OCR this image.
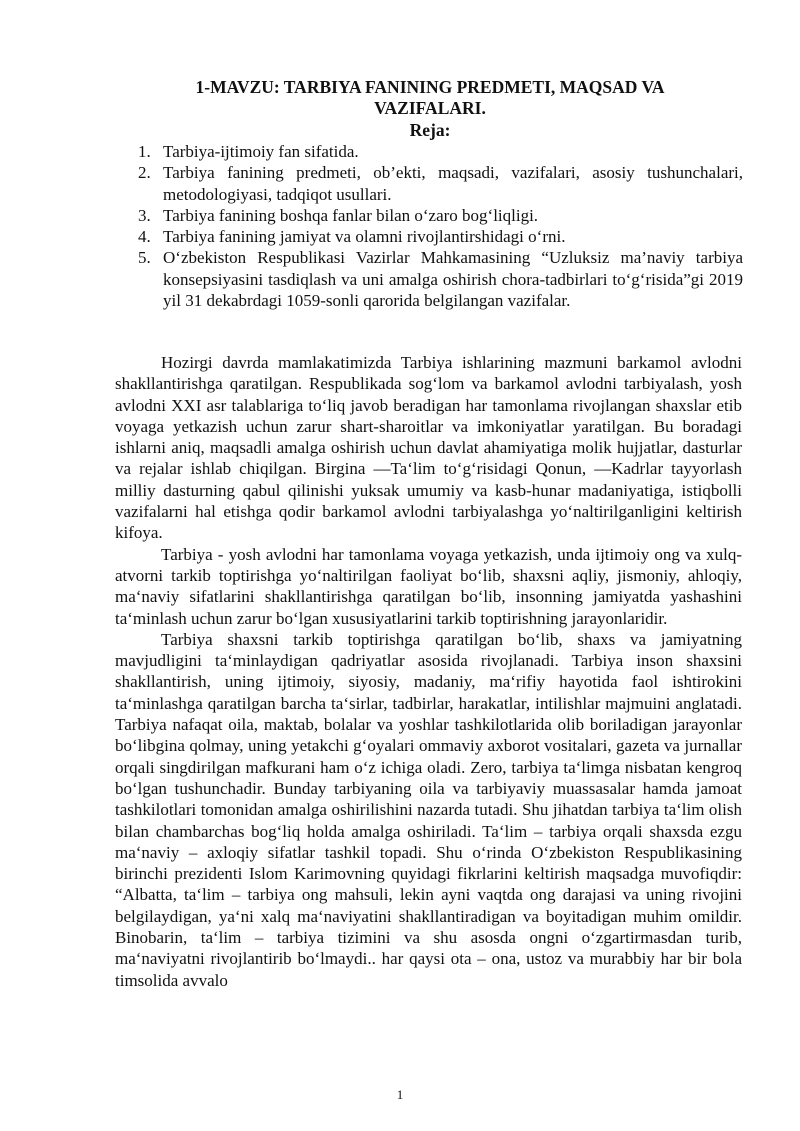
1-MAVZU: TARBIYA FANINING PREDMETI, MAQSAD VA VAZIFALARI.
Reja:
1. Tarbiya-ijtimoiy fan sifatida.
2. Tarbiya fanining predmeti, ob’ekti, maqsadi, vazifalari, asosiy tushunchalari, metodologiyasi, tadqiqot usullari.
3. Tarbiya fanining boshqa fanlar bilan o‘zaro bog‘liqligi.
4. Tarbiya fanining jamiyat va olamni rivojlantirshidagi o‘rni.
5. O‘zbekiston Respublikasi Vazirlar Mahkamasining “Uzluksiz ma’naviy tarbiya konsepsiyasini tasdiqlash va uni amalga oshirish chora-tadbirlari to‘g‘risida”gi 2019 yil 31 dekabrdagi 1059-sonli qarorida belgilangan vazifalar.

Hozirgi davrda mamlakatimizda Tarbiya ishlarining mazmuni barkamol avlodni shakllantirishga qaratilgan. Respublikada sog‘lom va barkamol avlodni tarbiyalash, yosh avlodni XXI asr talablariga to‘liq javob beradigan har tamonlama rivojlangan shaxslar etib voyaga yetkazish uchun zarur shart-sharoitlar va imkoniyatlar yaratilgan. Bu boradagi ishlarni aniq, maqsadli amalga oshirish uchun davlat ahamiyatiga molik hujjatlar, dasturlar va rejalar ishlab chiqilgan. Birgina ―Ta‘lim to‘g‘risidagi Qonun, ―Kadrlar tayyorlash milliy dasturning qabul qilinishi yuksak umumiy va kasb-hunar madaniyatiga, istiqbolli vazifalarni hal etishga qodir barkamol avlodni tarbiyalashga yo‘naltirilganligini keltirish kifoya.

Tarbiya - yosh avlodni har tamonlama voyaga yetkazish, unda ijtimoiy ong va xulq-atvorni tarkib toptirishga yo‘naltirilgan faoliyat bo‘lib, shaxsni aqliy, jismoniy, ahloqiy, ma‘naviy sifatlarini shakllantirishga qaratilgan bo‘lib, insonning jamiyatda yashashini ta‘minlash uchun zarur bo‘lgan xususiyatlarini tarkib toptirishning jarayonlaridir.

Tarbiya shaxsni tarkib toptirishga qaratilgan bo‘lib, shaxs va jamiyatning mavjudligini ta‘minlaydigan qadriyatlar asosida rivojlanadi. Tarbiya inson shaxsini shakllantirish, uning ijtimoiy, siyosiy, madaniy, ma‘rifiy hayotida faol ishtirokini ta‘minlashga qaratilgan barcha ta‘sirlar, tadbirlar, harakatlar, intilishlar majmuini anglatadi. Tarbiya nafaqat oila, maktab, bolalar va yoshlar tashkilotlarida olib boriladigan jarayonlar bo‘libgina qolmay, uning yetakchi g‘oyalari ommaviy axborot vositalari, gazeta va jurnallar orqali singdirilgan mafkurani ham o‘z ichiga oladi. Zero, tarbiya ta‘limga nisbatan kengroq bo‘lgan tushunchadir. Bunday tarbiyaning oila va tarbiyaviy muassasalar hamda jamoat tashkilotlari tomonidan amalga oshirilishini nazarda tutadi. Shu jihatdan tarbiya ta‘lim olish bilan chambarchas bog‘liq holda amalga oshiriladi. Ta‘lim – tarbiya orqali shaxsda ezgu ma‘naviy – axloqiy sifatlar tashkil topadi. Shu o‘rinda O‘zbekiston Respublikasining birinchi prezidenti Islom Karimovning quyidagi fikrlarini keltirish maqsadga muvofiqdir: “Albatta, ta‘lim – tarbiya ong mahsuli, lekin ayni vaqtda ong darajasi va uning rivojini belgilaydigan, ya‘ni xalq ma‘naviyatini shakllantiradigan va boyitadigan muhim omildir. Binobarin, ta‘lim – tarbiya tizimini va shu asosda ongni o‘zgartirmasdan turib, ma‘naviyatni rivojlantirib bo‘lmaydi.. har qaysi ota – ona, ustoz va murabbiy har bir bola timsolida avvalo

1
